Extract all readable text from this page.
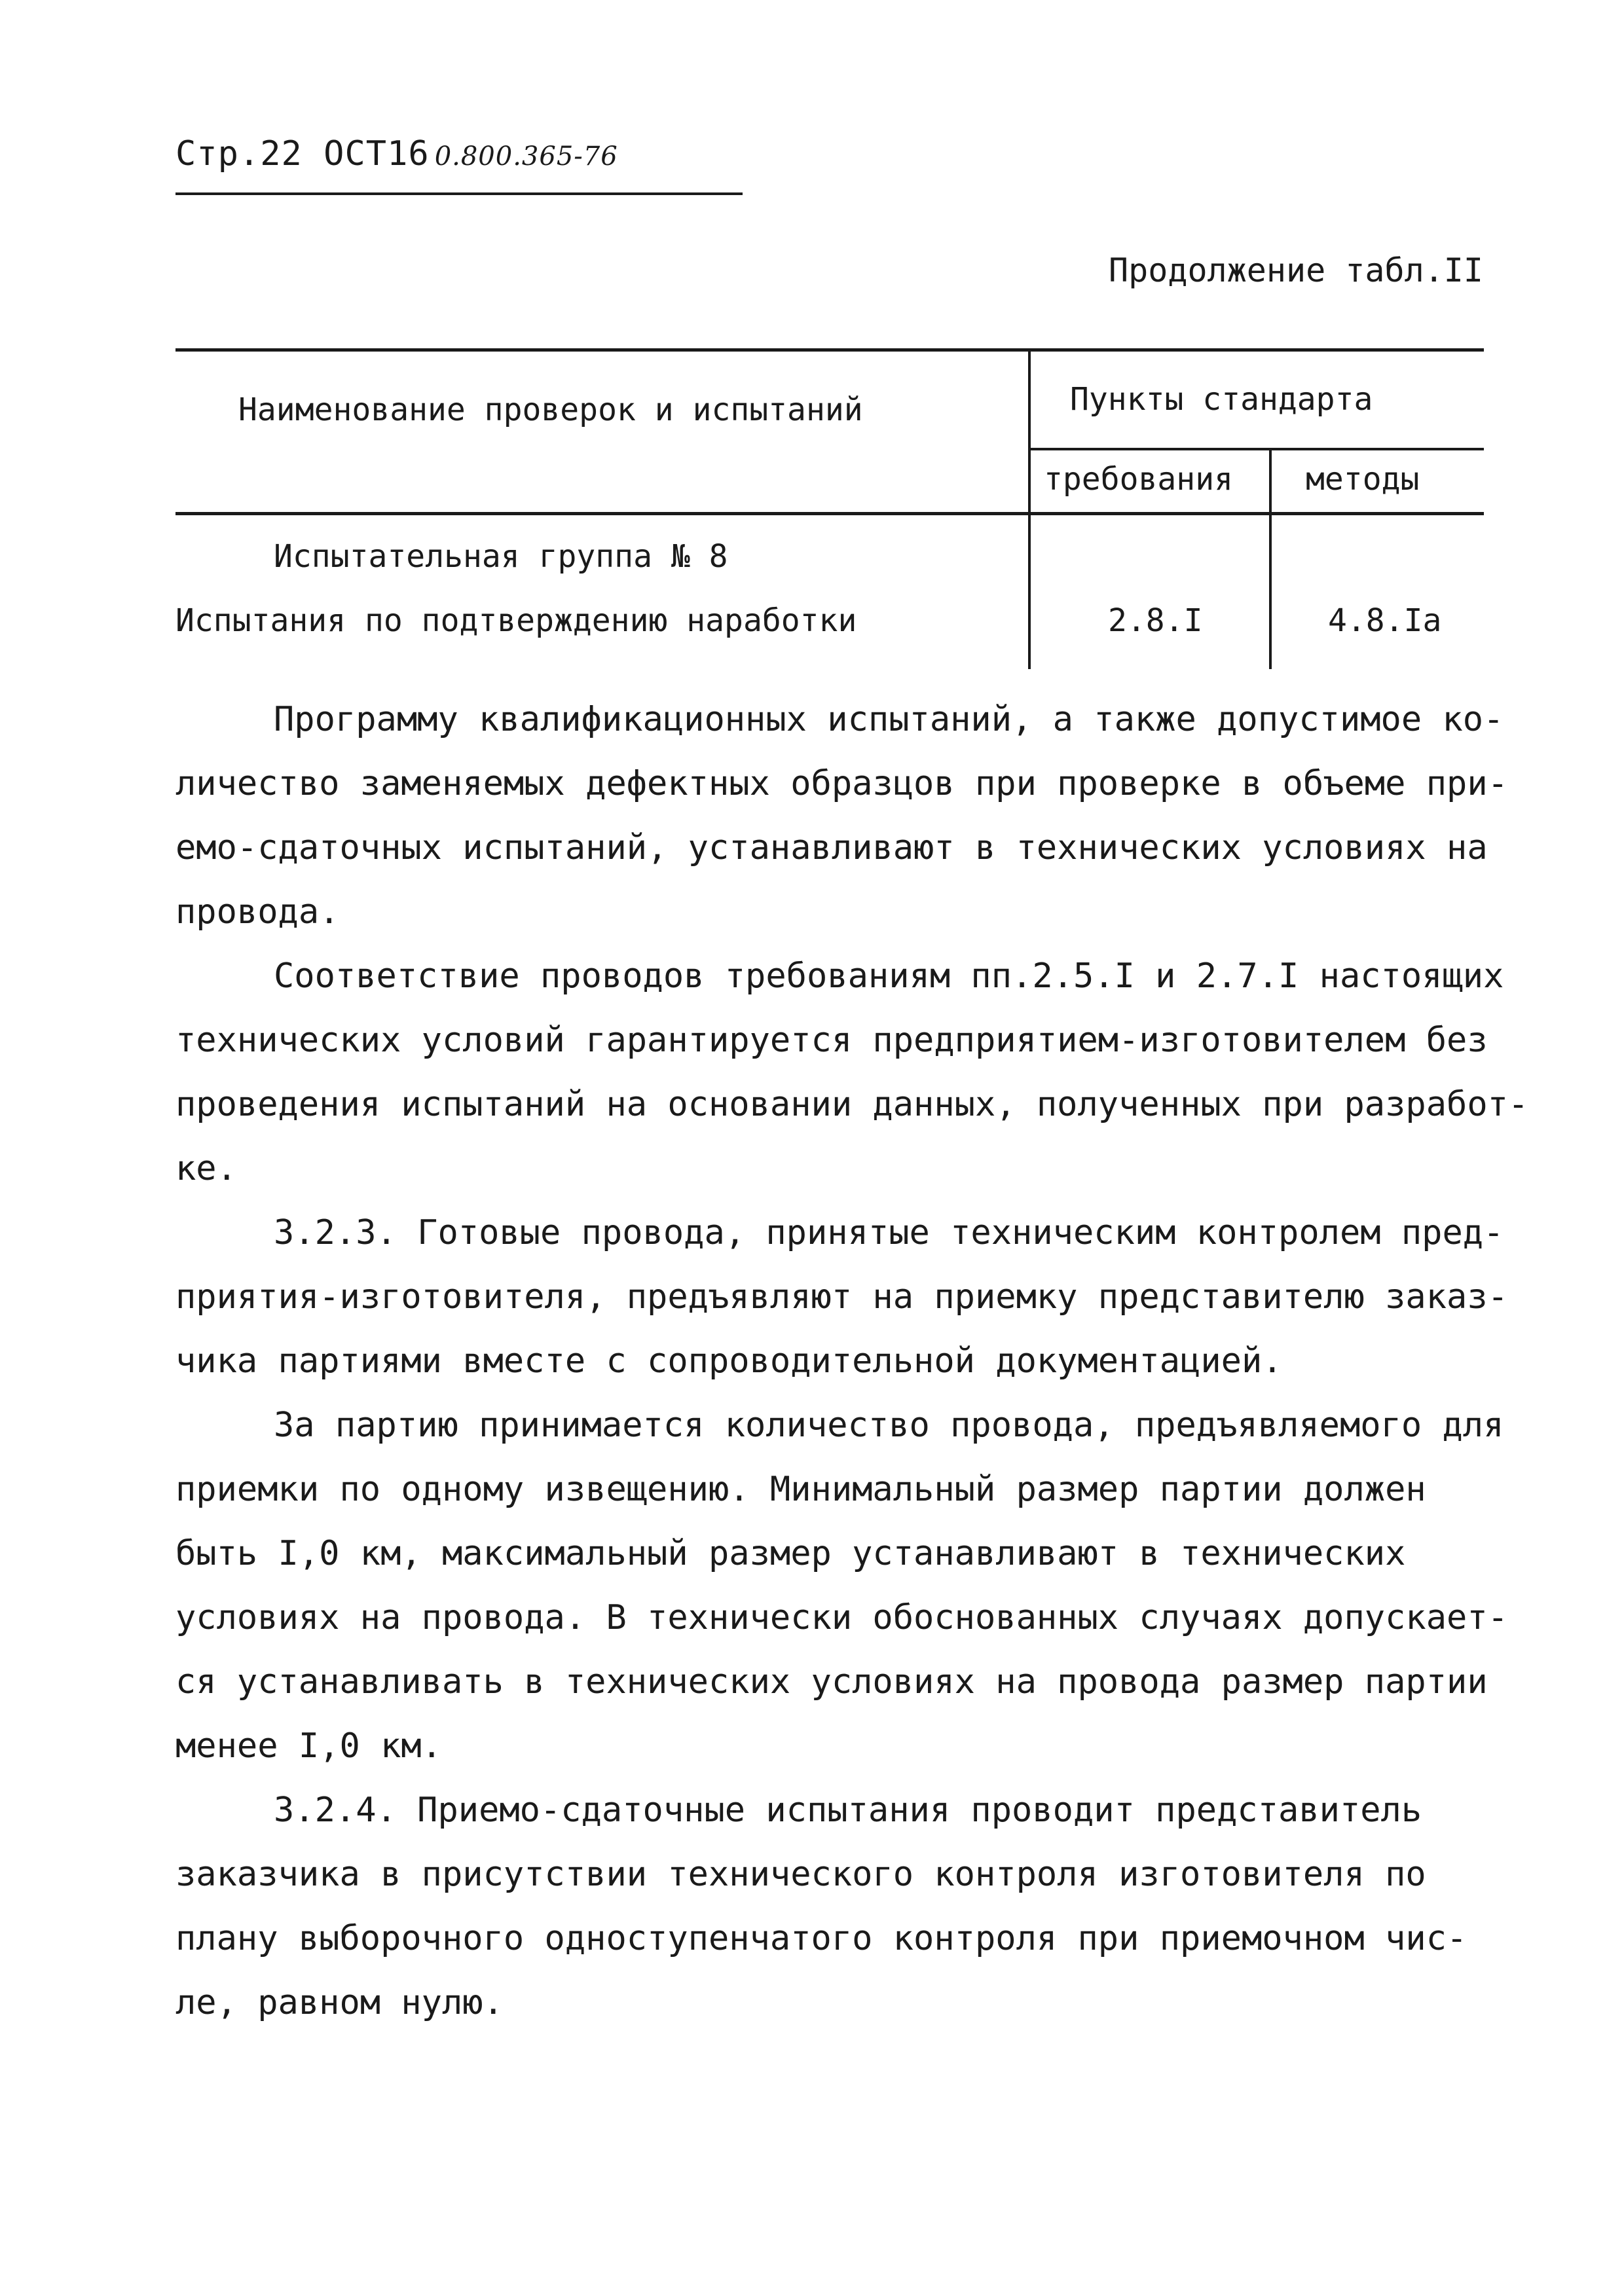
Стр.22 ОСТ16 0.800.365-76
Продолжение табл.II
Наименование проверок и испытаний	Пункты стандарта
требования методы
Испытательная группа № 8
Испытания по подтверждению наработки	2.8.I	4.8.Iа
Программу квалификационных испытаний, а также допустимое ко-
личество заменяемых дефектных образцов при проверке в объеме при-
емо-сдаточных испытаний, устанавливают в технических условиях на
провода.
Соответствие проводов требованиям пп.2.5.I и 2.7.I настоящих
технических условий гарантируется предприятием-изготовителем без
проведения испытаний на основании данных, полученных при разработ-
ке.
3.2.3. Готовые провода, принятые техническим контролем пред-
приятия-изготовителя, предъявляют на приемку представителю заказ-
чика партиями вместе с сопроводительной документацией.
За партию принимается количество провода, предъявляемого для
приемки по одному извещению. Минимальный размер партии должен
быть I,0 км, максимальный размер устанавливают в технических
условиях на провода. В технически обоснованных случаях допускает-
ся устанавливать в технических условиях на провода размер партии
менее I,0 км.
3.2.4. Приемо-сдаточные испытания проводит представитель
заказчика в присутствии технического контроля изготовителя по
плану выборочного одноступенчатого контроля при приемочном чис-
ле, равном нулю.
